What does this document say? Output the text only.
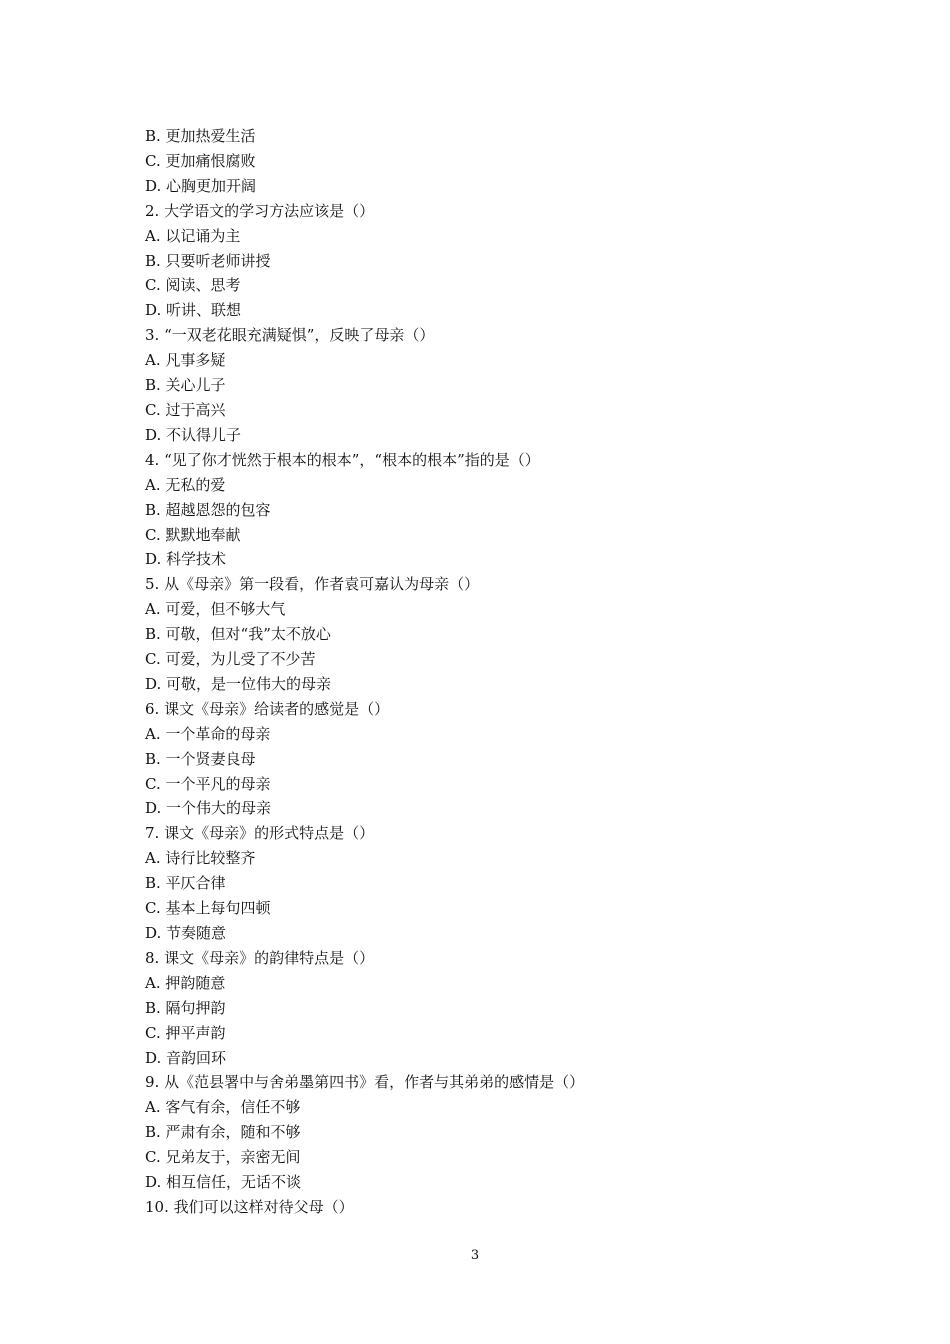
B. 更加热爱生活
C. 更加痛恨腐败
D. 心胸更加开阔
2. 大学语文的学习方法应该是（）
A. 以记诵为主
B. 只要听老师讲授
C. 阅读、思考
D. 听讲、联想
3. “一双老花眼充满疑惧”，反映了母亲（）
A. 凡事多疑
B. 关心儿子
C. 过于高兴
D. 不认得儿子
4. “见了你才恍然于根本的根本”，“根本的根本”指的是（）
A. 无私的爱
B. 超越恩怨的包容
C. 默默地奉献
D. 科学技术
5. 从《母亲》第一段看，作者袁可嘉认为母亲（）
A. 可爱，但不够大气
B. 可敬，但对“我”太不放心
C. 可爱，为儿受了不少苦
D. 可敬，是一位伟大的母亲
6. 课文《母亲》给读者的感觉是（）
A. 一个革命的母亲
B. 一个贤妻良母
C. 一个平凡的母亲
D. 一个伟大的母亲
7. 课文《母亲》的形式特点是（）
A. 诗行比较整齐
B. 平仄合律
C. 基本上每句四顿
D. 节奏随意
8. 课文《母亲》的韵律特点是（）
A. 押韵随意
B. 隔句押韵
C. 押平声韵
D. 音韵回环
9. 从《范县署中与舍弟墨第四书》看，作者与其弟弟的感情是（）
A. 客气有余，信任不够
B. 严肃有余，随和不够
C. 兄弟友于，亲密无间
D. 相互信任，无话不谈
10. 我们可以这样对待父母（）
3
